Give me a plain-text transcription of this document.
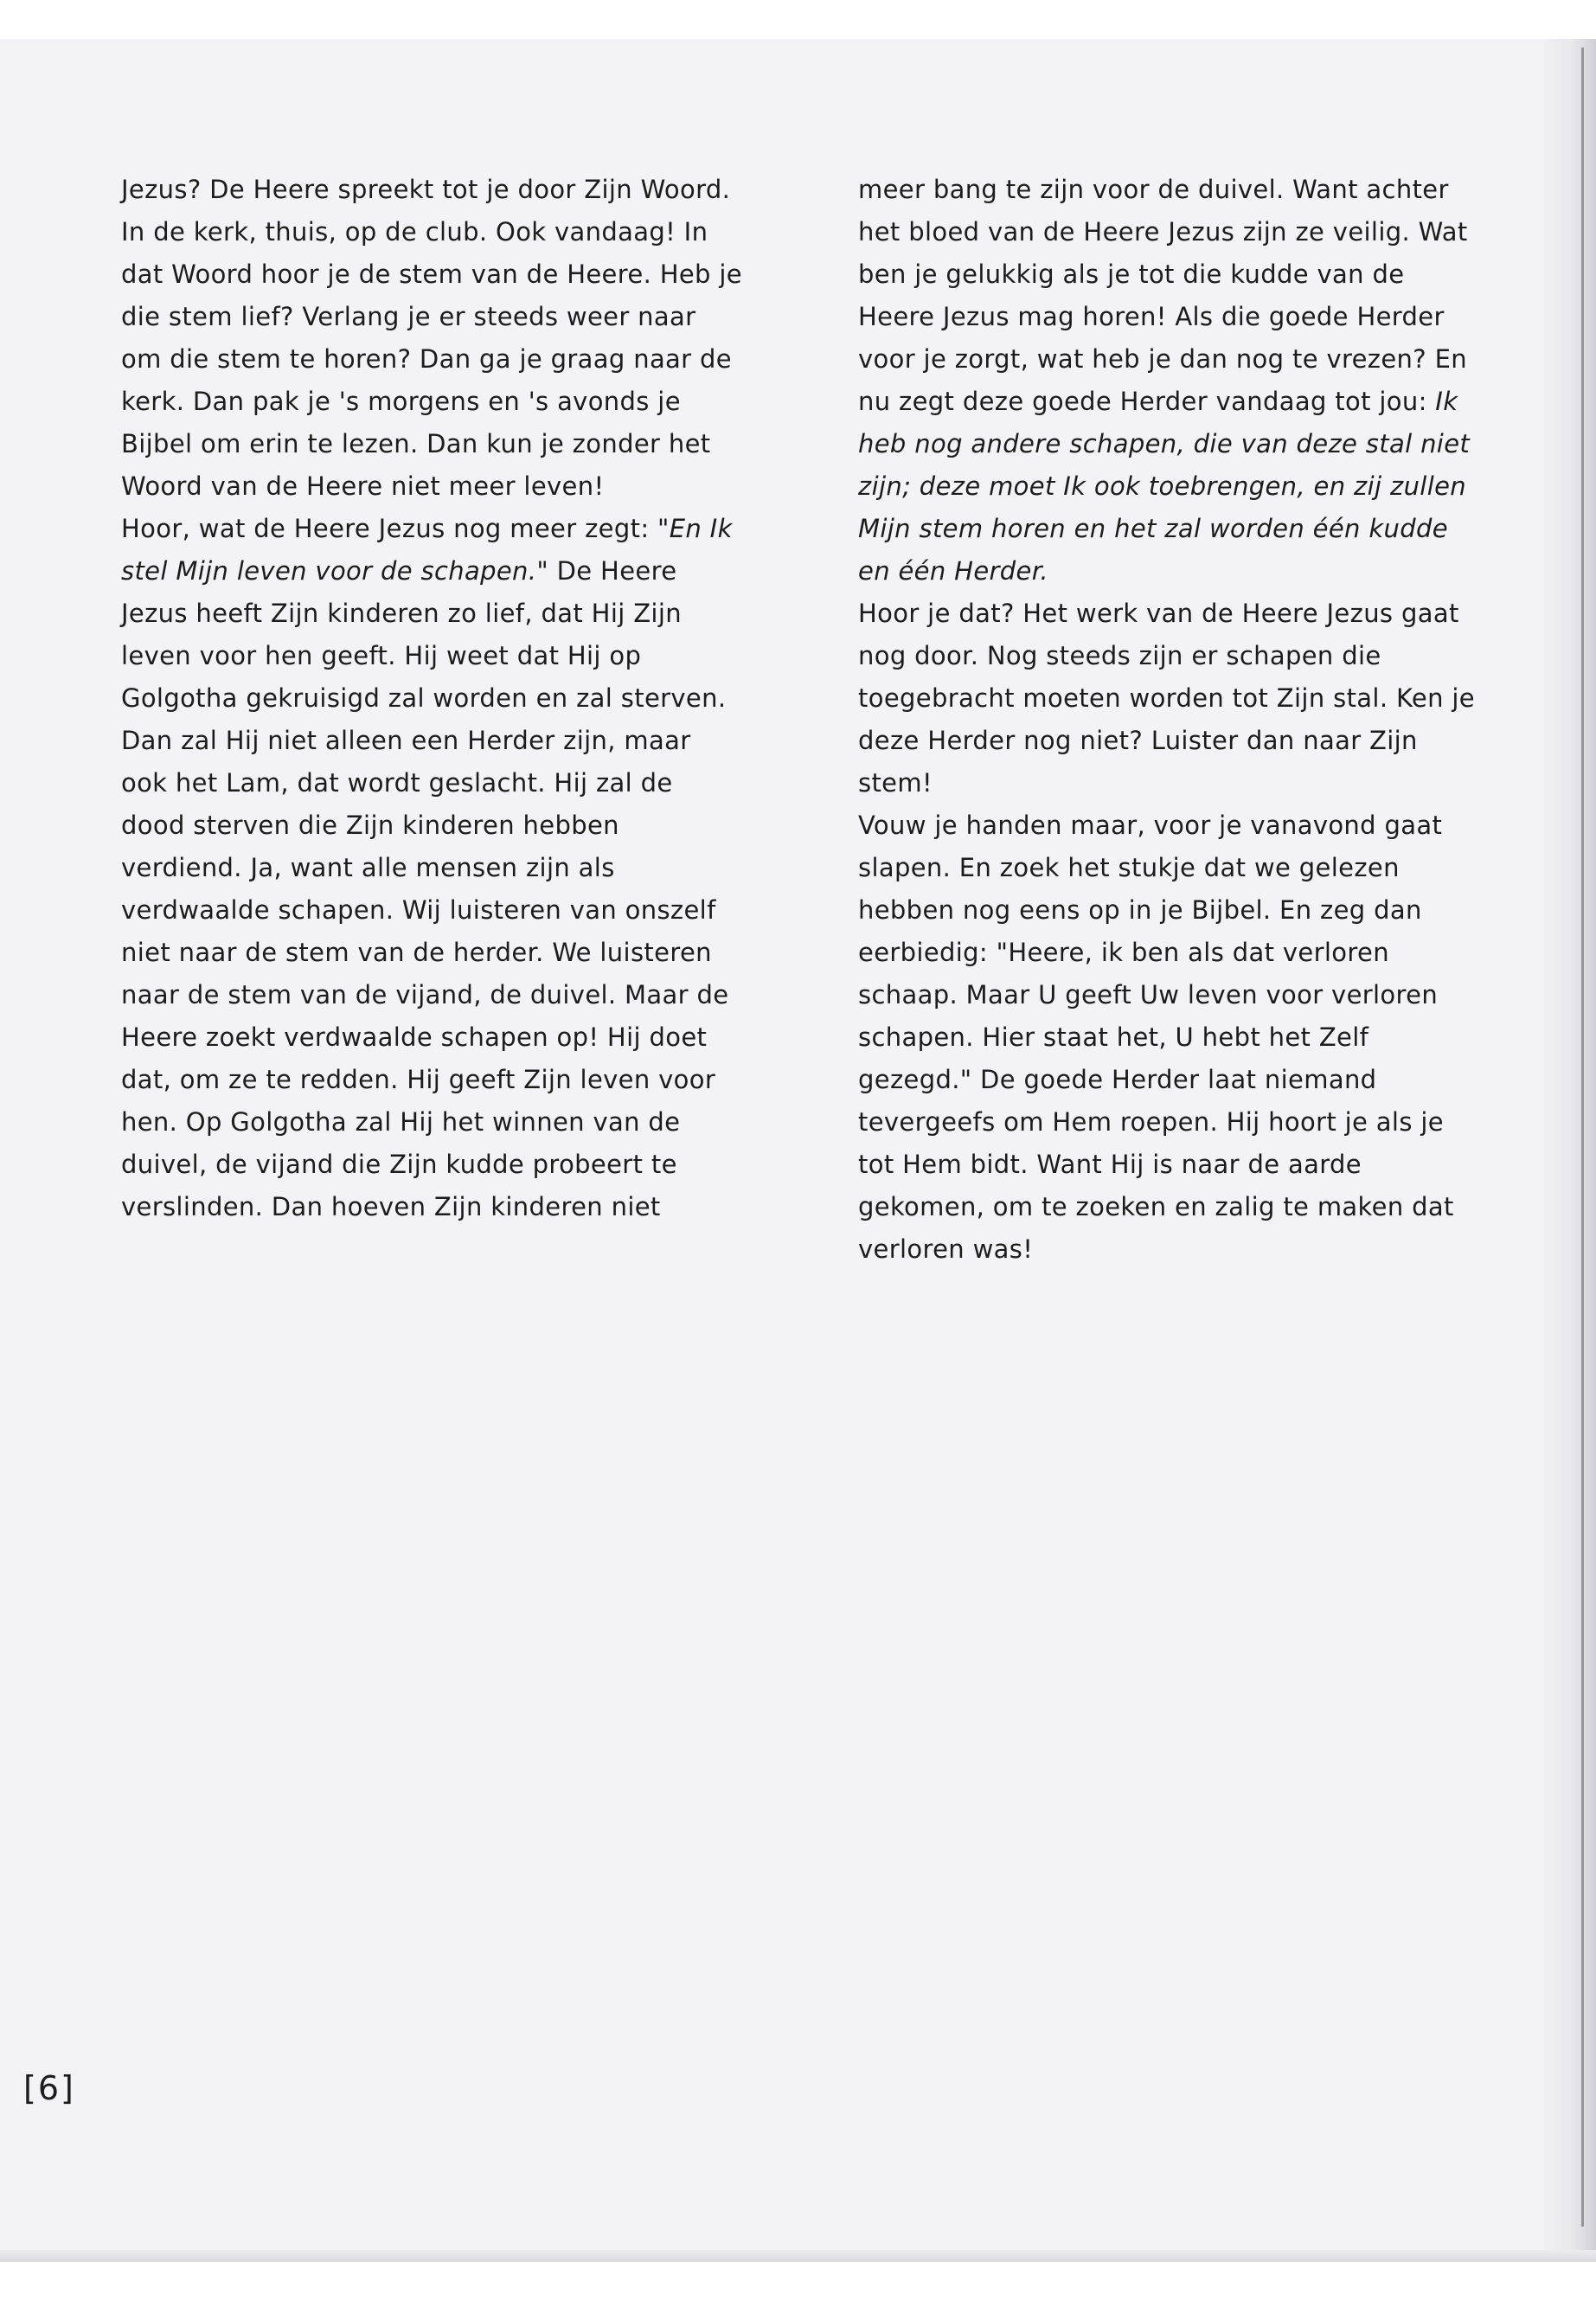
Jezus? De Heere spreekt tot je door Zijn Woord. In de kerk, thuis, op de club. Ook vandaag! In dat Woord hoor je de stem van de Heere. Heb je die stem lief? Verlang je er steeds weer naar om die stem te horen? Dan ga je graag naar de kerk. Dan pak je 's morgens en 's avonds je Bijbel om erin te lezen. Dan kun je zonder het Woord van de Heere niet meer leven!

Hoor, wat de Heere Jezus nog meer zegt: "En Ik stel Mijn leven voor de schapen." De Heere Jezus heeft Zijn kinderen zo lief, dat Hij Zijn leven voor hen geeft. Hij weet dat Hij op Golgotha gekruisigd zal worden en zal sterven. Dan zal Hij niet alleen een Herder zijn, maar ook het Lam, dat wordt geslacht. Hij zal de dood sterven die Zijn kinderen hebben verdiend. Ja, want alle mensen zijn als verdwaalde schapen. Wij luisteren van onszelf niet naar de stem van de herder. We luisteren naar de stem van de vijand, de duivel. Maar de Heere zoekt verdwaalde schapen op! Hij doet dat, om ze te redden. Hij geeft Zijn leven voor hen. Op Golgotha zal Hij het winnen van de duivel, de vijand die Zijn kudde probeert te verslinden. Dan hoeven Zijn kinderen niet

meer bang te zijn voor de duivel. Want achter het bloed van de Heere Jezus zijn ze veilig. Wat ben je gelukkig als je tot die kudde van de Heere Jezus mag horen! Als die goede Herder voor je zorgt, wat heb je dan nog te vrezen? En nu zegt deze goede Herder vandaag tot jou: Ik heb nog andere schapen, die van deze stal niet zijn; deze moet Ik ook toebrengen, en zij zullen Mijn stem horen en het zal worden één kudde en één Herder.

Hoor je dat? Het werk van de Heere Jezus gaat nog door. Nog steeds zijn er schapen die toegebracht moeten worden tot Zijn stal. Ken je deze Herder nog niet? Luister dan naar Zijn stem!

Vouw je handen maar, voor je vanavond gaat slapen. En zoek het stukje dat we gelezen hebben nog eens op in je Bijbel. En zeg dan eerbiedig: "Heere, ik ben als dat verloren schaap. Maar U geeft Uw leven voor verloren schapen. Hier staat het, U hebt het Zelf gezegd." De goede Herder laat niemand tevergeefs om Hem roepen. Hij hoort je als je tot Hem bidt. Want Hij is naar de aarde gekomen, om te zoeken en zalig te maken dat verloren was!

[6]
